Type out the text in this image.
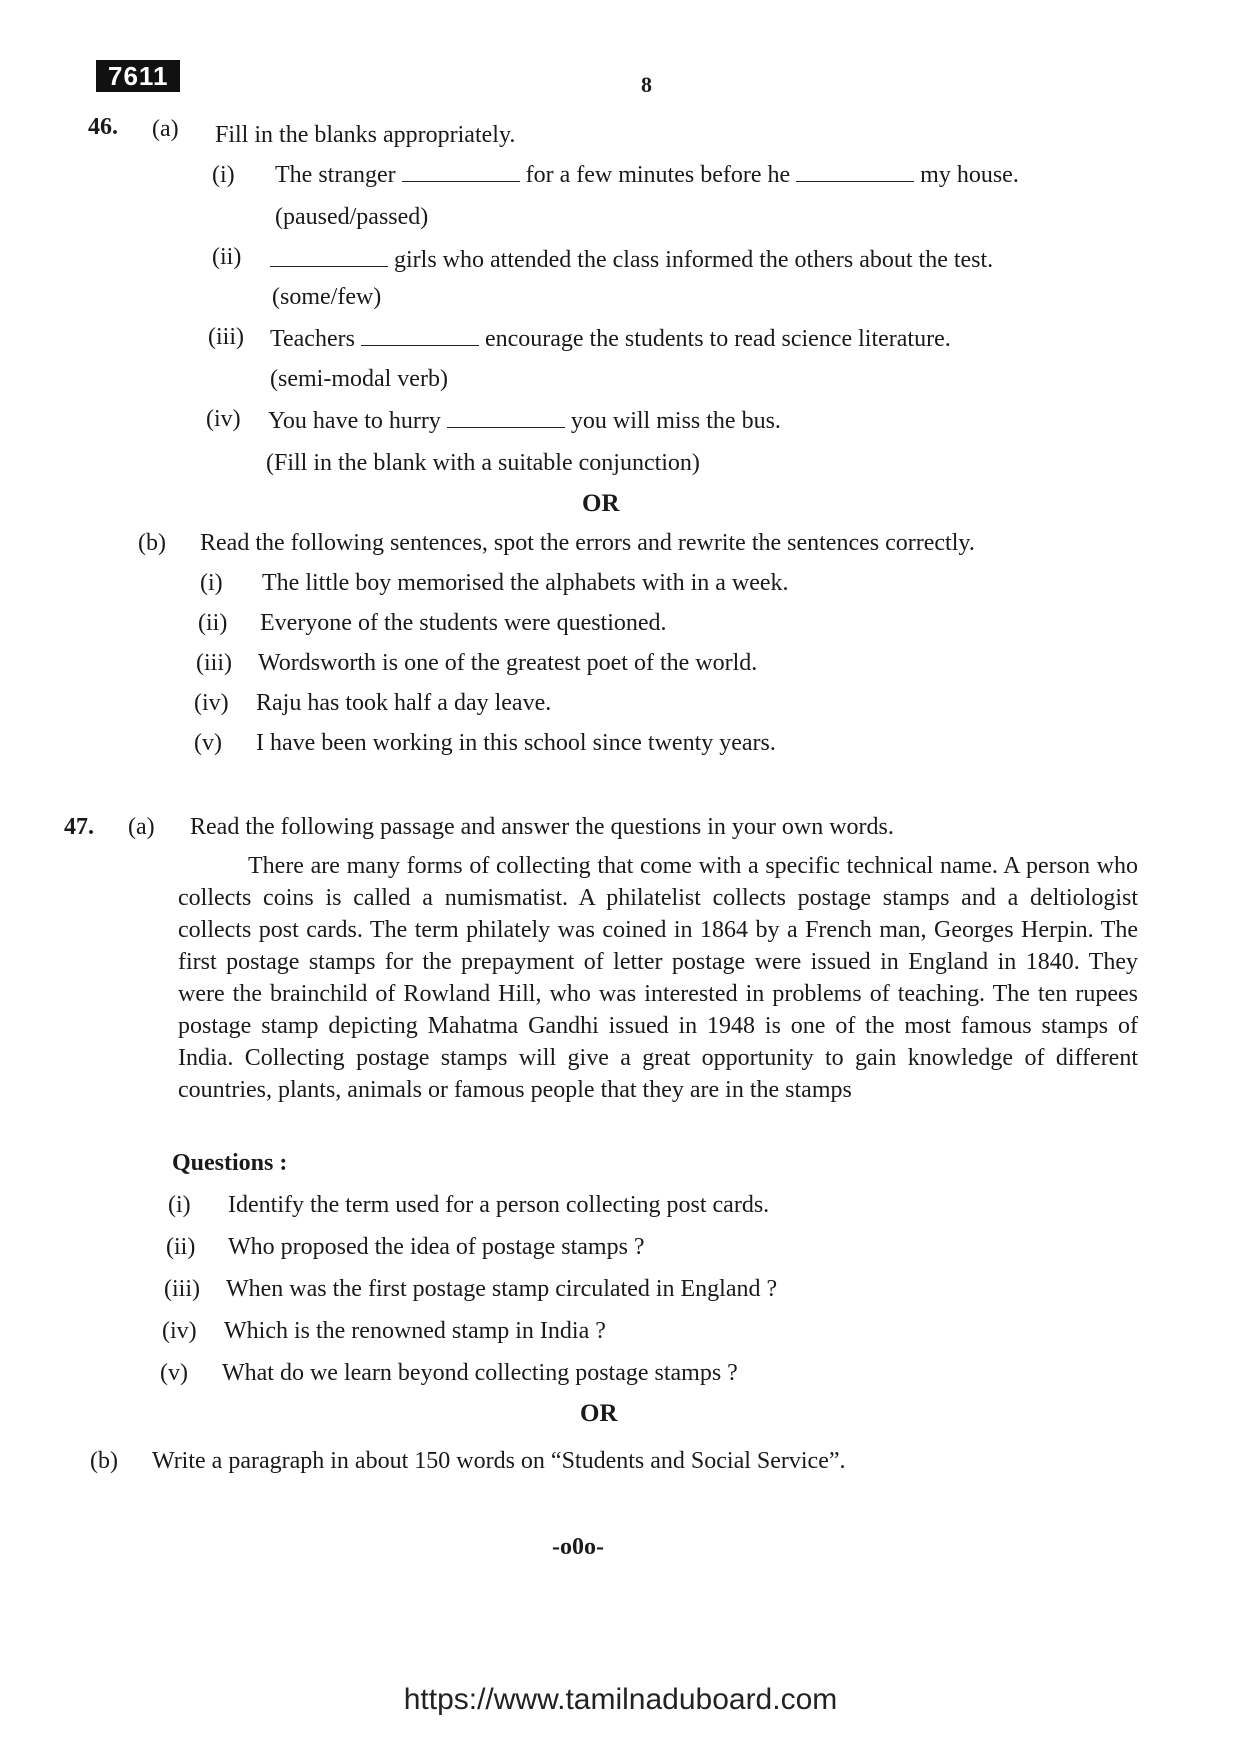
7611	8
46. (a) Fill in the blanks appropriately.
(i) The stranger	for a few minutes before he	my house.
(paused/passed)
(ii)	girls who attended the class informed the others about the test.
(some/few)
(iii) Teachers	encourage the students to read science literature.
(semi-modal verb)
(iv) You have to hurry	you will miss the bus.
(Fill in the blank with a suitable conjunction)
OR
(b) Read the following sentences, spot the errors and rewrite the sentences correctly.
(i) The little boy memorised the alphabets with in a week.
(ii) Everyone of the students were questioned.
(iii) Wordsworth is one of the greatest poet of the world.
(iv) Raju has took half a day leave.
(v) I have been working in this school since twenty years.
47. (a) Read the following passage and answer the questions in your own words.

There are many forms of collecting that come with a specific technical name. A person who collects coins is called a numismatist. A philatelist collects postage stamps and a deltiologist collects post cards. The term philately was coined in 1864 by a French man, Georges Herpin. The first postage stamps for the prepayment of letter postage were issued in England in 1840. They were the brainchild of Rowland Hill, who was interested in problems of teaching. The ten rupees postage stamp depicting Mahatma Gandhi issued in 1948 is one of the most famous stamps of India. Collecting postage stamps will give a great opportunity to gain knowledge of different countries, plants, animals or famous people that they are in the stamps

Questions :
(i) Identify the term used for a person collecting post cards.
(ii) Who proposed the idea of postage stamps ?
(iii) When was the first postage stamp circulated in England ?
(iv) Which is the renowned stamp in India ?
(v) What do we learn beyond collecting postage stamps ?
OR
(b) Write a paragraph in about 150 words on “Students and Social Service”.
-o0o-
https://www.tamilnaduboard.com
